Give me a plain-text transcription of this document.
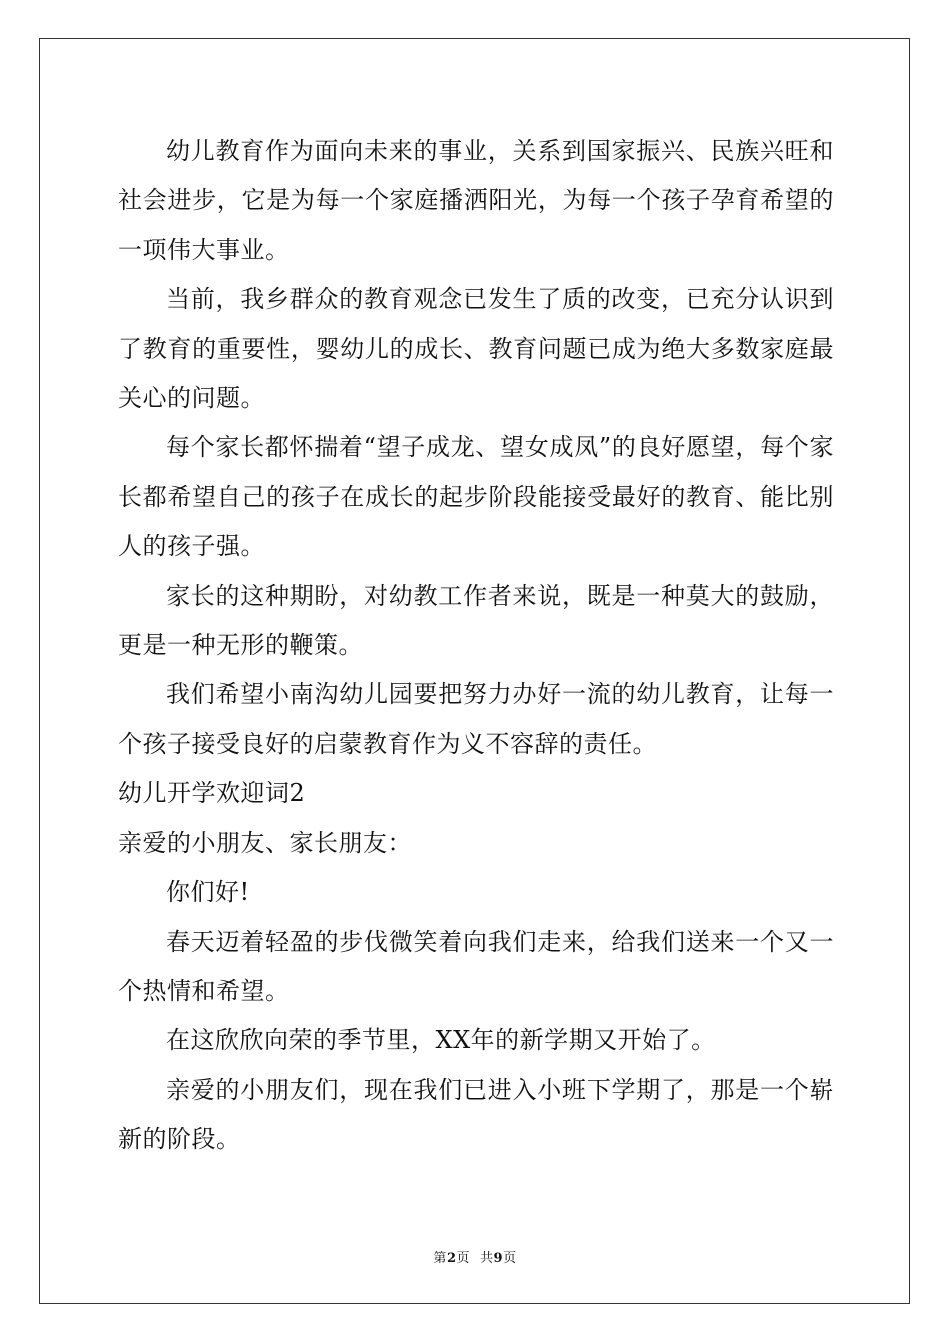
幼儿教育作为面向未来的事业，关系到国家振兴、民族兴旺和社会进步，它是为每一个家庭播洒阳光，为每一个孩子孕育希望的一项伟大事业。

当前，我乡群众的教育观念已发生了质的改变，已充分认识到了教育的重要性，婴幼儿的成长、教育问题已成为绝大多数家庭最关心的问题。

每个家长都怀揣着“望子成龙、望女成凤”的良好愿望，每个家长都希望自己的孩子在成长的起步阶段能接受最好的教育、能比别人的孩子强。

家长的这种期盼，对幼教工作者来说，既是一种莫大的鼓励，更是一种无形的鞭策。

我们希望小南沟幼儿园要把努力办好一流的幼儿教育，让每一个孩子接受良好的启蒙教育作为义不容辞的责任。

幼儿开学欢迎词2

亲爱的小朋友、家长朋友：

你们好!

春天迈着轻盈的步伐微笑着向我们走来，给我们送来一个又一个热情和希望。

在这欣欣向荣的季节里，XX年的新学期又开始了。

亲爱的小朋友们，现在我们已进入小班下学期了，那是一个崭新的阶段。

第2页 共9页
